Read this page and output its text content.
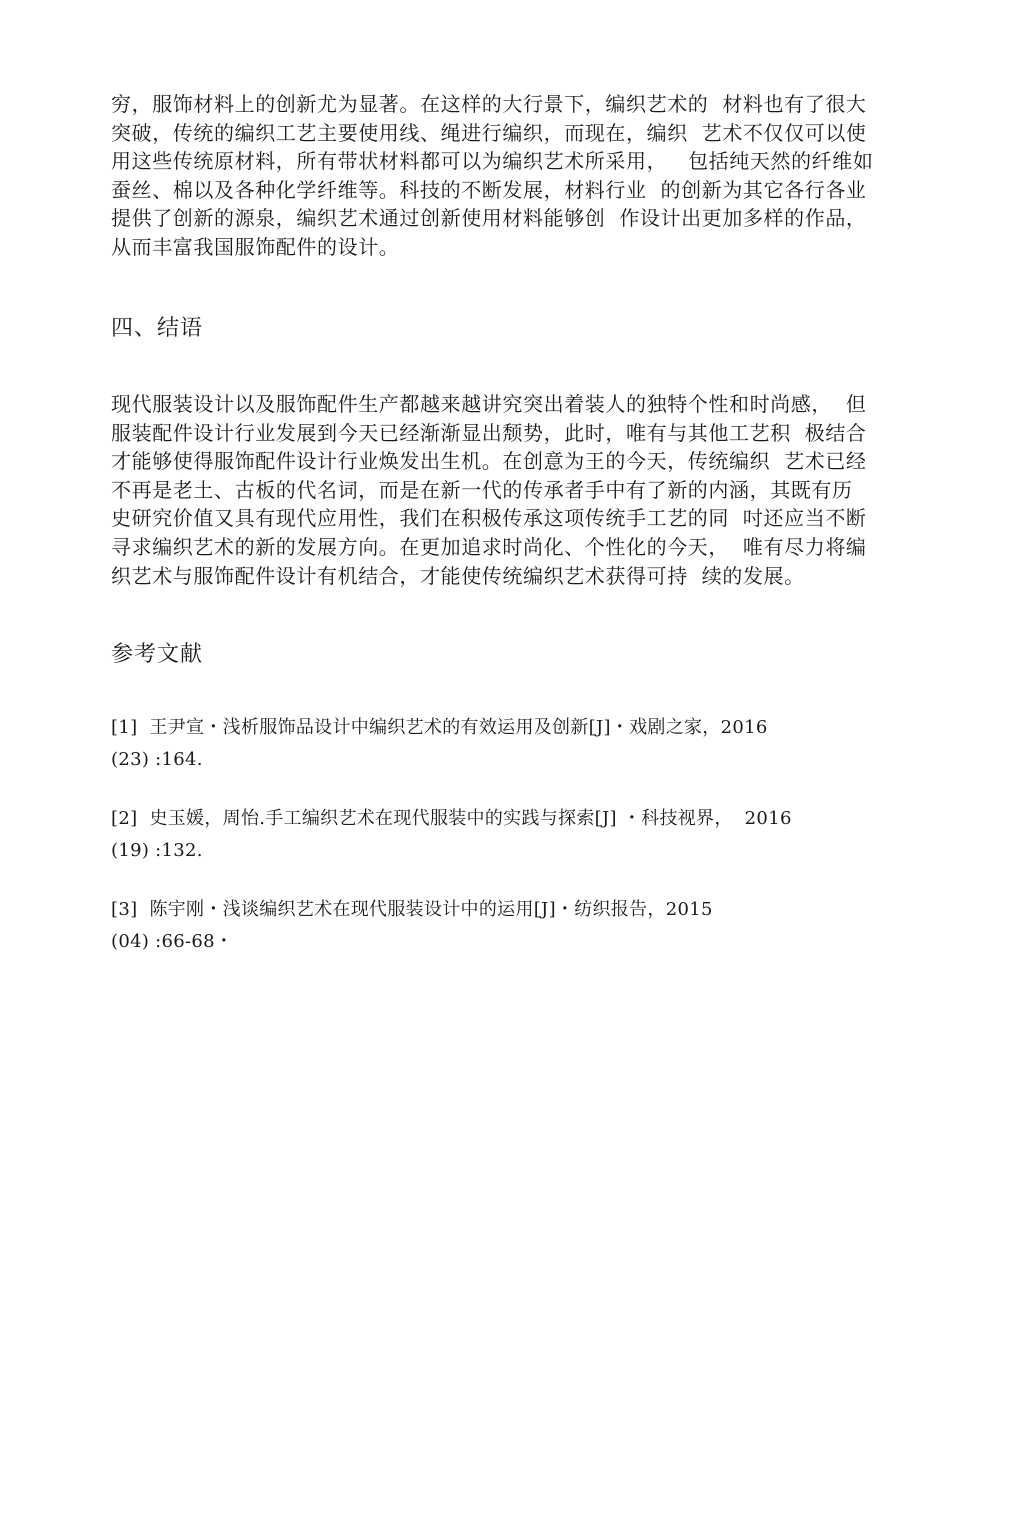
穷，服饰材料上的创新尤为显著。在这样的大行景下，编织艺术的  材料也有了很大
突破，传统的编织工艺主要使用线、绳进行编织，而现在，编织  艺术不仅仅可以使
用这些传统原材料，所有带状材料都可以为编织艺术所采用，   包括纯天然的纤维如
蚕丝、棉以及各种化学纤维等。科技的不断发展，材料行业  的创新为其它各行各业
提供了创新的源泉，编织艺术通过创新使用材料能够创  作设计出更加多样的作品，
从而丰富我国服饰配件的设计。
四、结语
现代服装设计以及服饰配件生产都越来越讲究突出着装人的独特个性和时尚感，  但
服装配件设计行业发展到今天已经渐渐显出颓势，此时，唯有与其他工艺积  极结合
才能够使得服饰配件设计行业焕发出生机。在创意为王的今天，传统编织  艺术已经
不再是老土、古板的代名词，而是在新一代的传承者手中有了新的内涵，其既有历
史研究价值又具有现代应用性，我们在积极传承这项传统手工艺的同  吋还应当不断
寻求编织艺术的新的发展方向。在更加追求时尚化、个性化的今天，  唯有尽力将编
织艺术与服饰配件设计有机结合，才能使传统编织艺术获得可持  续的发展。
参考文献
[1]  王尹宣・浅析服饰品设计中编织艺术的有效运用及创新[J]・戏剧之家，2016
(23) :164.
[2]  史玉媛，周怡.手工编织艺术在现代服装中的实践与探索[J] ・科技视界，  2016
(19) :132.
[3]  陈宇刚・浅谈编织艺术在现代服装设计中的运用[J]・纺织报告，2015
(04) :66-68・
